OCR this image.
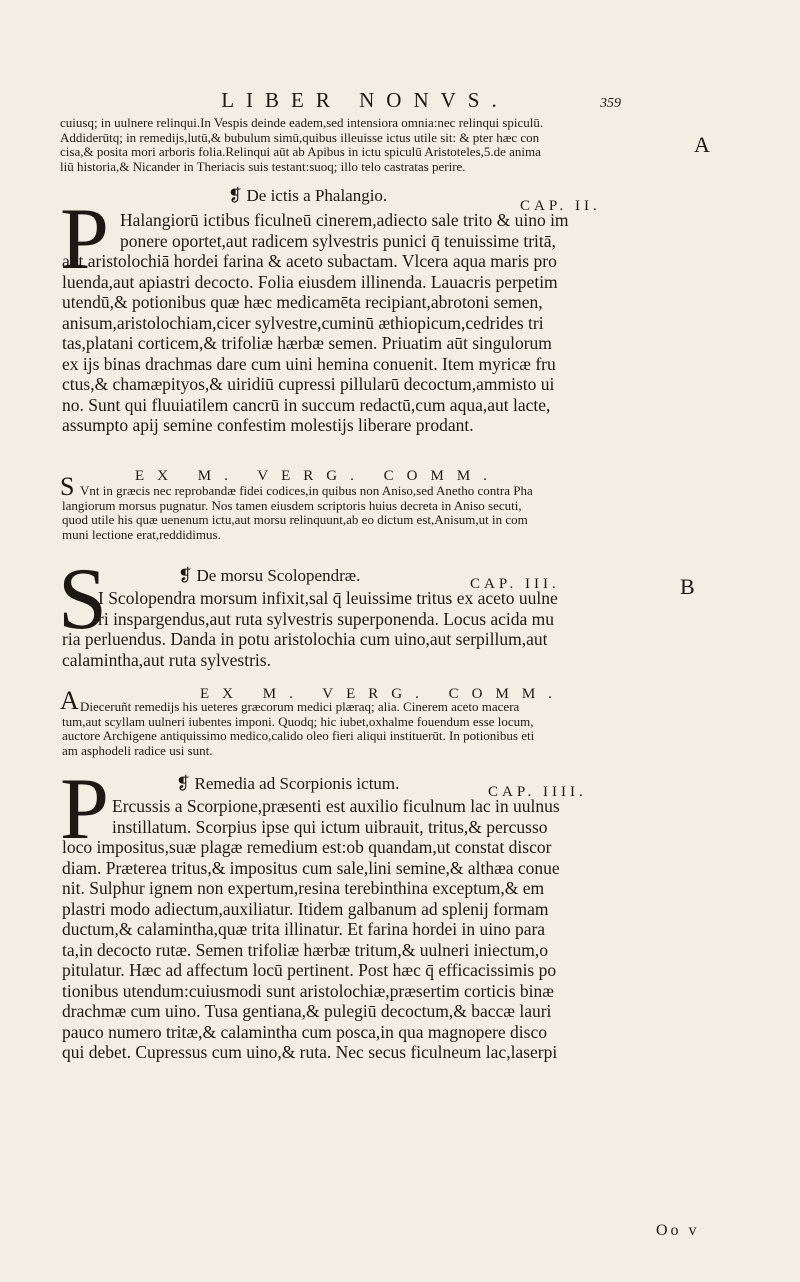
LIBER NONVS.	359
A
B
cuiusq; in uulnere relinqui.In Vespis deinde eadem,sed intensiora omnia:nec relinqui spiculū.
Addiderūtq; in remedijs,lutū,& bubulum simū,quibus illeuisse ictus utile sit: & pter hæc con
cisa,& posita mori arboris folia.Relinqui aūt ab Apibus in ictu spiculū Aristoteles,5.de anima
liū historia,& Nicander in Theriacis suis testant:suoq; illo telo castratas perire.
❡ De ictis a Phalangio.
CAP. II.
P Halangiorū ictibus ficulneū cinerem,adiecto sale trito & uino im
ponere oportet,aut radicem sylvestris punici q̄ tenuissime tritā,
aut aristolochiā hordei farina & aceto subactam. Vlcera aqua maris pro
luenda,aut apiastri decocto. Folia eiusdem illinenda. Lauacris perpetim
utendū,& potionibus quæ hæc medicamēta recipiant,abrotoni semen,
anisum,aristolochiam,cicer sylvestre,cuminū æthiopicum,cedrides tri
tas,platani corticem,& trifoliæ hærbæ semen. Priuatim aūt singulorum
ex ijs binas drachmas dare cum uini hemina conuenit. Item myricæ fru
ctus,& chamæpityos,& uiridiū cupressi pillularū decoctum,ammisto ui
no. Sunt qui fluuiatilem cancrū in succum redactū,cum aqua,aut lacte,
assumpto apij semine confestim molestijs liberare prodant.
EX M. VERG. COMM.
S Vnt in græcis nec reprobandæ fidei codices,in quibus non Aniso,sed Anetho contra Pha
langiorum morsus pugnatur. Nos tamen eiusdem scriptoris huius decreta in Aniso secuti,
quod utile his quæ uenenum ictu,aut morsu relinquunt,ab eo dictum est,Anisum,ut in com
muni lectione erat,reddidimus.
❡ De morsu Scolopendræ.	CAP. III.
S
I Scolopendra morsum infixit,sal q̄ leuissime tritus ex aceto uulne
ri inspargendus,aut ruta sylvestris superponenda. Locus acida mu
ria perluendus. Danda in potu aristolochia cum uino,aut serpillum,aut
calamintha,aut ruta sylvestris.
EX M. VERG. COMM.
A Dieceruñt remedijs his ueteres græcorum medici plæraq; alia. Cinerem aceto macera
tum,aut scyllam uulneri iubentes imponi. Quodq; hic iubet,oxhalme fouendum esse locum,
auctore Archigene antiquissimo medico,calido oleo fieri aliqui instituerūt. In potionibus eti
am asphodeli radice usi sunt.
❡ Remedia ad Scorpionis ictum.	CAP. IIII.
P Ercussis a Scorpione,præsenti est auxilio ficulnum lac in uulnus
instillatum. Scorpius ipse qui ictum uibrauit, tritus,& percusso
loco impositus,suæ plagæ remedium est:ob quandam,ut constat discor
diam. Præterea tritus,& impositus cum sale,lini semine,& althæa conue
nit. Sulphur ignem non expertum,resina terebinthina exceptum,& em
plastri modo adiectum,auxiliatur. Itidem galbanum ad splenij formam
ductum,& calamintha,quæ trita illinatur. Et farina hordei in uino para
ta,in decocto rutæ. Semen trifoliæ hærbæ tritum,& uulneri iniectum,o
pitulatur. Hæc ad affectum locū pertinent. Post hæc q̄ efficacissimis po
tionibus utendum:cuiusmodi sunt aristolochiæ,præsertim corticis binæ
drachmæ cum uino. Tusa gentiana,& pulegiū decoctum,& baccæ lauri
pauco numero tritæ,& calamintha cum posca,in qua magnopere disco
qui debet. Cupressus cum uino,& ruta. Nec secus ficulneum lac,laserpi
Oo v
